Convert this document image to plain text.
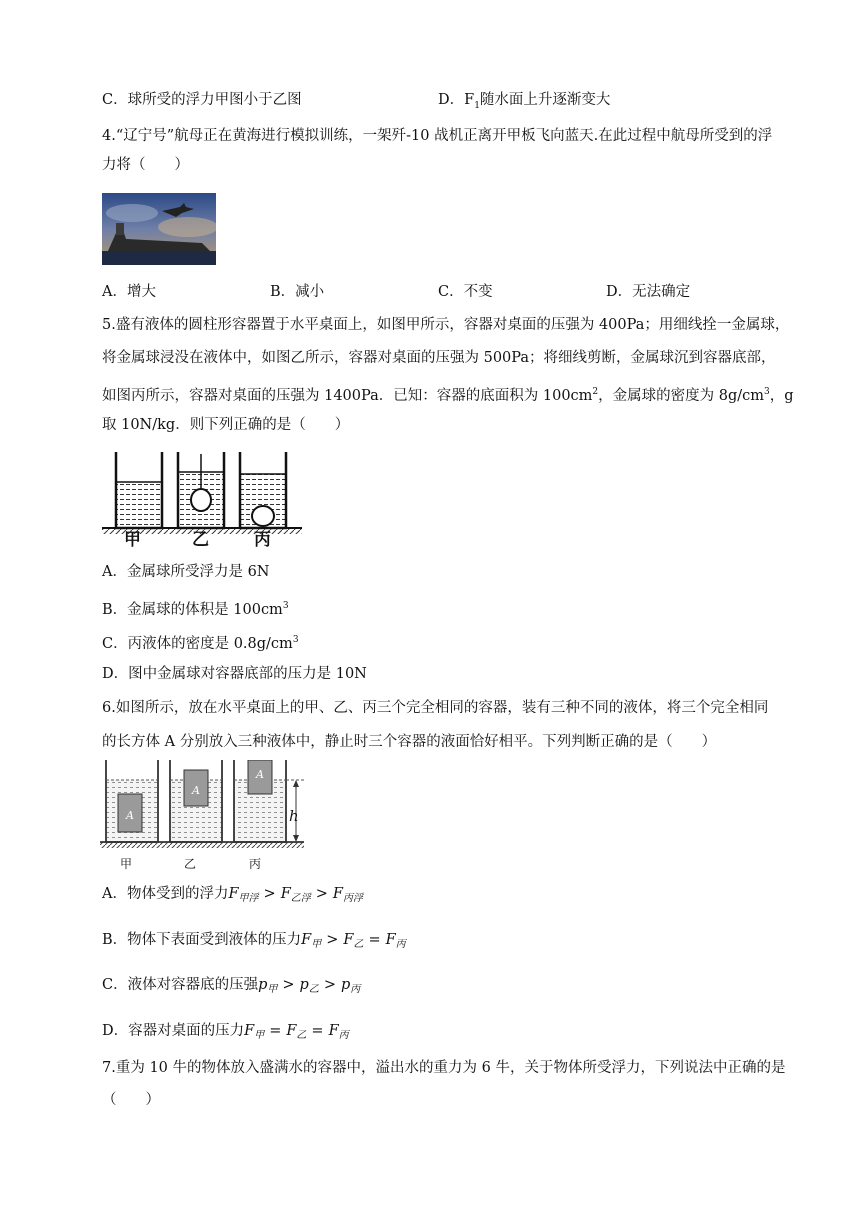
C．球所受的浮力甲图小于乙图	D．$F_1$随水面上升逐渐变大
4.“辽宁号”航母正在黄海进行模拟训练，一架歼-10 战机正离开甲板飞向蓝天.在此过程中航母所受到的浮
力将（　　）
A．增大	B．减小	C．不变	D．无法确定
5.盛有液体的圆柱形容器置于水平桌面上，如图甲所示，容器对桌面的压强为 400Pa；用细线拴一金属球，
将金属球浸没在液体中，如图乙所示，容器对桌面的压强为 500Pa；将细线剪断，金属球沉到容器底部，
如图丙所示，容器对桌面的压强为 1400Pa．已知：容器的底面积为 $100cm^2$，金属球的密度为 $8g/cm^3$，g
取 10N/kg．则下列正确的是（　　）
甲	乙	丙
A．金属球所受浮力是 6N
B．金属球的体积是 $100cm^3$
C．丙液体的密度是 $0.8g/cm^3$
D．图中金属球对容器底部的压力是 10N
6.如图所示，放在水平桌面上的甲、乙、丙三个完全相同的容器，装有三种不同的液体，将三个完全相同
的长方体 A 分别放入三种液体中，静止时三个容器的液面恰好相平。下列判断正确的是（　　）
A
A
A
h
甲	乙	丙
A．物体受到的浮力$F_{甲浮} > F_{乙浮} > F_{丙浮}$
B．物体下表面受到液体的压力$F_甲 > F_乙 = F_丙$
C．液体对容器底的压强$p_甲 > p_乙 > p_丙$
D．容器对桌面的压力$F_甲 = F_乙 = F_丙$
7.重为 10 牛的物体放入盛满水的容器中，溢出水的重力为 6 牛，关于物体所受浮力，下列说法中正确的是
（　　）
